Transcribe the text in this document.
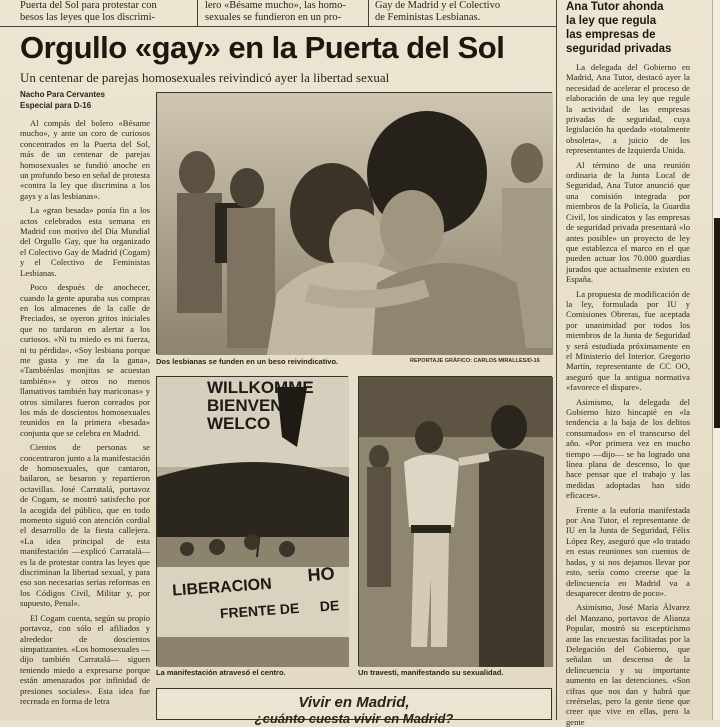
Puerta del Sol para protestar con
besos las leyes que los discrimi-
lero «Bésame mucho», las homo-
sexuales se fundieron en un pro-
Gay de Madrid y el Colectivo
de Feministas Lesbianas.
Orgullo «gay» en la Puerta del Sol
Un centenar de parejas homosexuales reivindicó ayer la libertad sexual
Nacho Para Cervantes
Especial para D-16

Al compás del bolero «Bésame mucho», y ante un coro de curiosos concentrados en la Puerta del Sol, más de un centenar de parejas homosexuales se fundió anoche en un profundo beso en señal de protesta «contra la ley que discrimina a los gays y a las lesbianas».

La «gran besada» ponía fin a los actos celebrados esta semana en Madrid con motivo del Día Mundial del Orgullo Gay, que ha organizado el Colectivo Gay de Madrid (Cogam) y el Colectivo de Feministas Lesbianas.

Poco después de anochecer, cuando la gente apuraba sus compras en los almacenes de la calle de Preciados, se oyeron gritos iniciales que no tardaron en alertar a los curiosos. «Ni tu miedo es mi fuerza, ni tu pérdida», «Soy lesbiana porque me gusta y me da la gana», «Tambiénlas monjitas se acuestan también»» y otros no menos llamativos también hay mariconas» y otros similares fueron coreados por los más de doscientos homosexuales reunidos en la primera «besada» conjunta que se celebra en Madrid.

Cientos de personas se concentraron junto a la manifestación de homosexuales, que cantaron, bailaron, se besaron y repartieron octavillas. José Carratalá, portavoz de Cogam, se mostró satisfecho por la acogida del público, que en todo momento siguió con atención cordial el desarrollo de la fiesta callejera. «La idea principal de esta manifestación —explicó Carratalá— es la de protestar contra las leyes que discriminan la libertad sexual, y para eso son necesarias serias reformas en los Códigos Civil, Militar y, por supuesto, Penal».

El Cogam cuenta, según su propio portavoz, con sólo el afiliados y alrededor de doscientos simpatizantes. «Los homosexuales —dijo también Carratalá— siguen teniendo miedo a expresarse porque están amenazados por infinidad de presiones sociales». Esta idea fue recreada en forma de letra

Ana Tutor ahonda
la ley que regula
las empresas de
seguridad privadas

La delegada del Gobierno en Madrid, Ana Tutor, destacó ayer la necesidad de acelerar el proceso de elaboración de una ley que regule la actividad de las empresas privadas de seguridad, cuya legislación ha quedado «totalmente obsoleta», a juicio de los representantes de Izquierda Unida.

Al término de una reunión ordinaria de la Junta Local de Seguridad, Ana Tutor anunció que una comisión integrada por miembros de la Policía, la Guardia Civil, los sindicatos y las empresas de seguridad privada presentará «lo antes posible» un proyecto de ley que establezca el marco en el que pueden actuar los 70.000 guardias jurados que actualmente existen en España.

La propuesta de modificación de la ley, formulada por IU y Comisiones Obreras, fue aceptada por unanimidad por todos los miembros de la Junta de Seguridad y será estudiada próximamente en el Ministerio del Interior. Gregorio Martín, representante de CC OO, aseguró que la antigua normativa «favorece el dispare».

Asimismo, la delegada del Gobierno hizo hincapié en «la tendencia a la baja de los delitos consumados» en el transcurso del año. «Por primera vez en mucho tiempo —dijo— se ha logrado una línea plana de descenso, lo que hace pensar que el trabajo y las medidas adoptadas han sido eficaces».

Frente a la euforia manifestada por Ana Tutor, el representante de IU en la Junta de Seguridad, Félix López Rey, aseguró que «lo tratado en estas reuniones son cuentos de hadas, y si nos dejamos llevar por esto, sería como creerse que la delincuencia en Madrid va a desaparecer dentro de poco».

Asimismo, José María Álvarez del Manzano, portavoz de Alianza Popular, mostró su escepticismo ante las encuestas facilitadas por la Delegación del Gobierno, que señalan un descenso de la delincuencia y su importante aumento en las detenciones. «Son cifras que nos dan y habrá que creérselas, pero la gente tiene que creer que vive en ellas, pero la gente

Dos lesbianas se funden en un beso reivindicativo.	REPORTAJE GRÁFICO: CARLOS MIRALLES/D-16
WILLKOMME
BIENVEN
WELCO
HO
LIBERACION
FRENTE DE DE
La manifestación atravesó el centro.	Un travesti, manifestando su sexualidad.
Vivir en Madrid,
¿cuánto cuesta vivir en Madrid?
